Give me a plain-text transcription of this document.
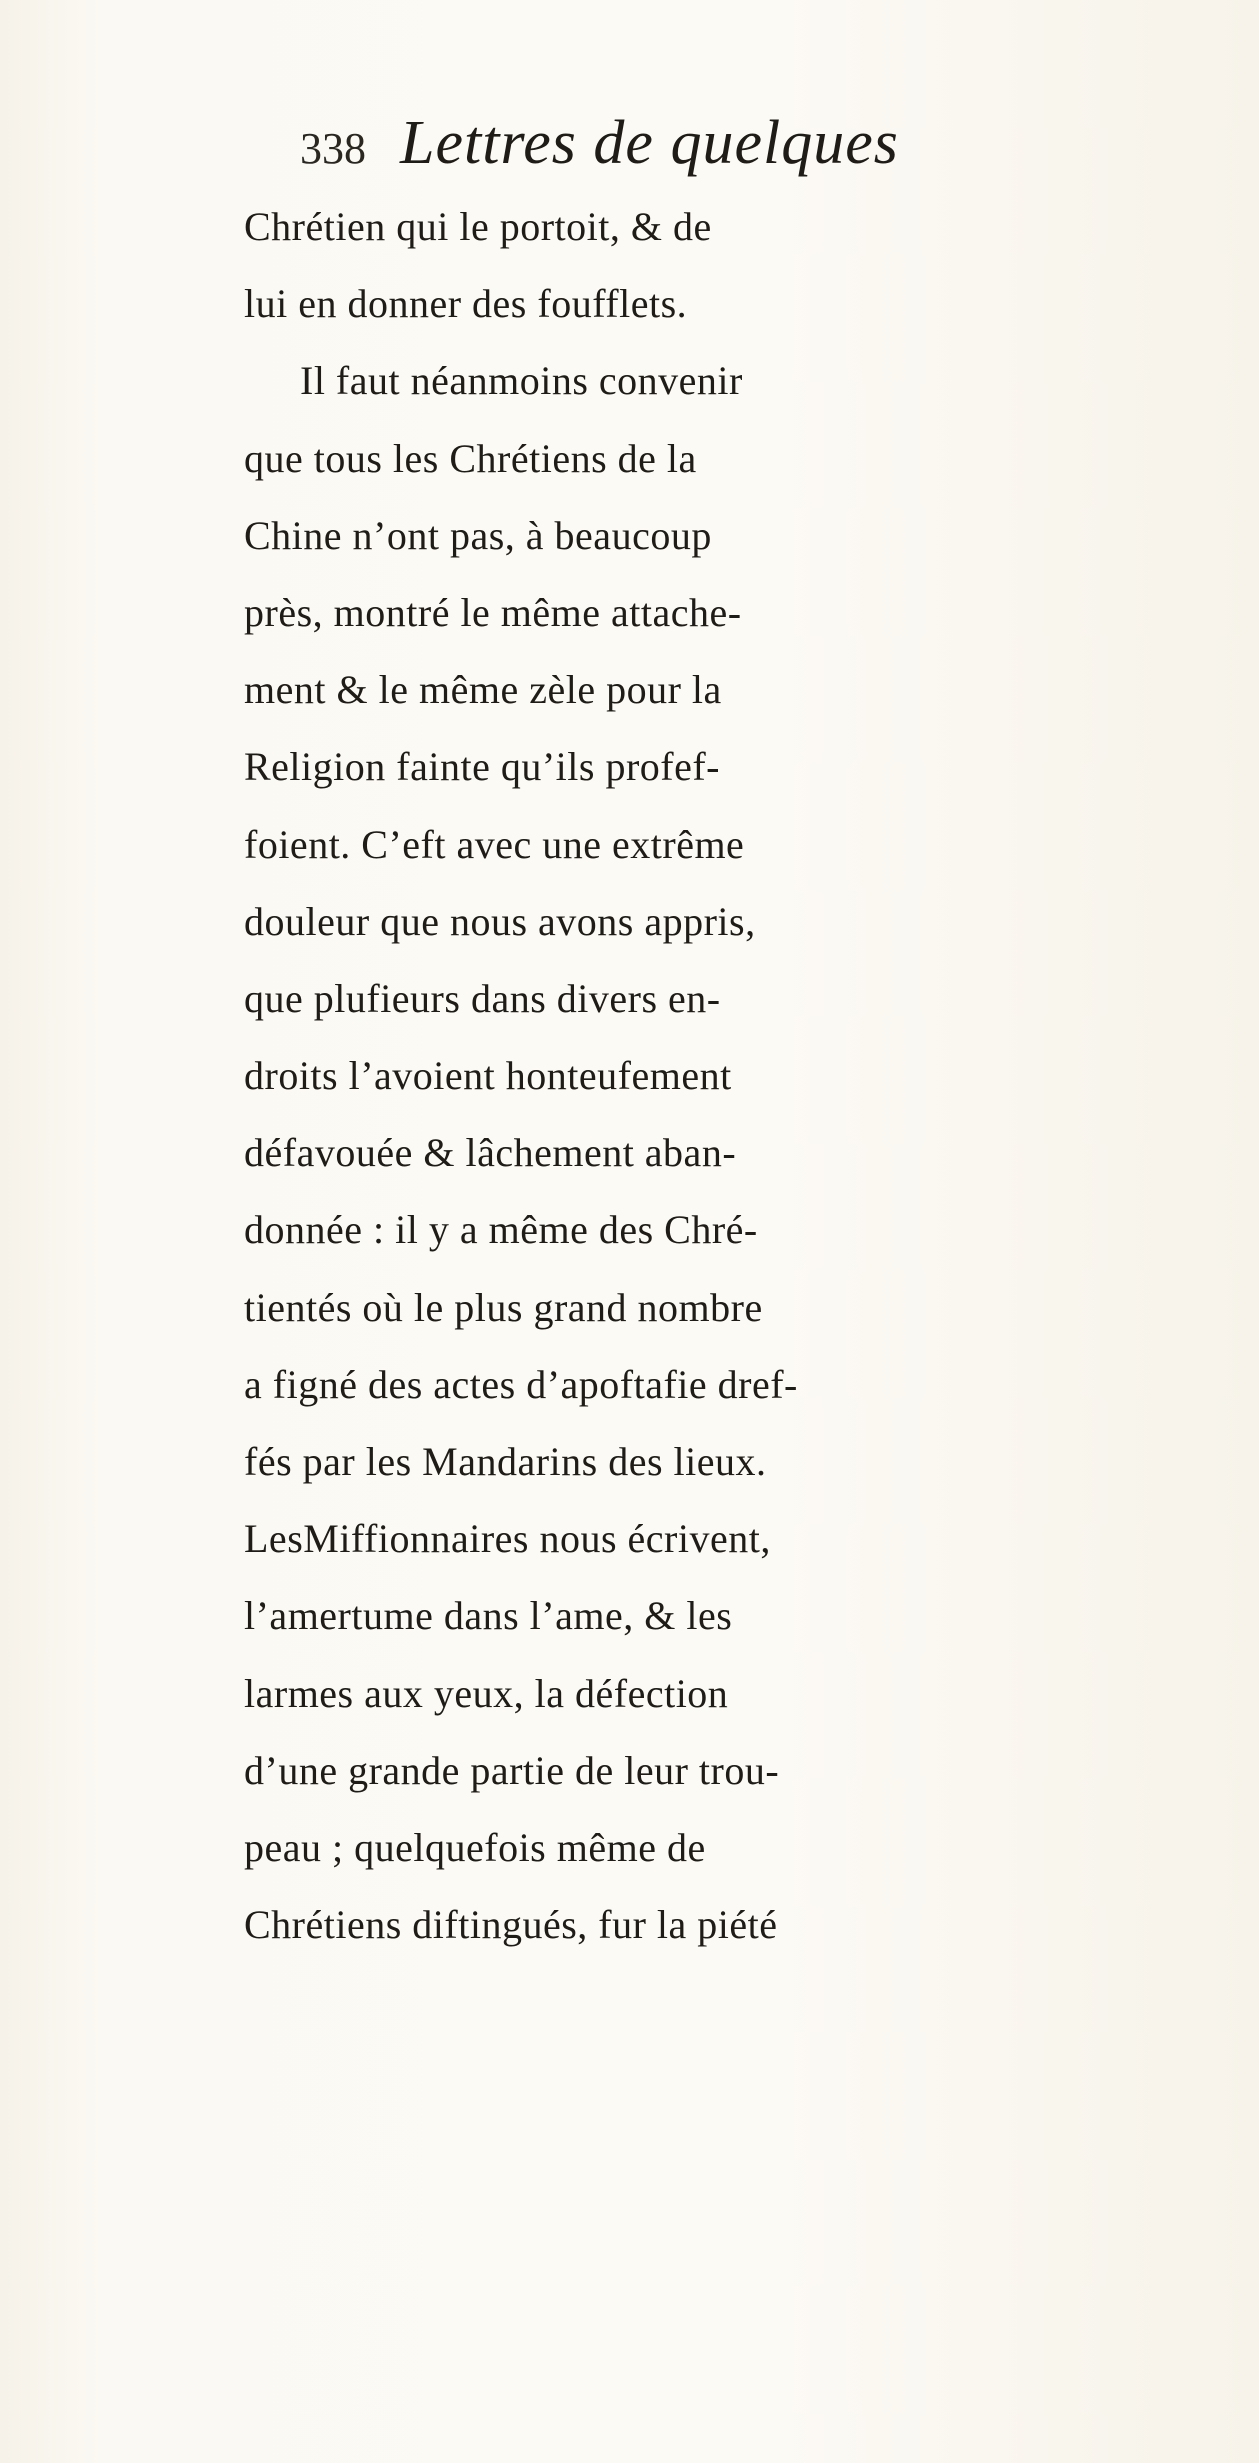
338 Lettres de quelques
Chrétien qui le portoit, & de
lui en donner des foufflets.
Il faut néanmoins convenir
que tous les Chrétiens de la
Chine n’ont pas, à beaucoup
près, montré le même attache-
ment & le même zèle pour la
Religion fainte qu’ils profef-
foient. C’eft avec une extrême
douleur que nous avons appris,
que plufieurs dans divers en-
droits l’avoient honteufement
défavouée & lâchement aban-
donnée : il y a même des Chré-
tientés où le plus grand nombre
a figné des actes d’apoftafie dref-
fés par les Mandarins des lieux.
LesMiffionnaires nous écrivent,
l’amertume dans l’ame, & les
larmes aux yeux, la défection
d’une grande partie de leur trou-
peau ; quelquefois même de
Chrétiens diftingués, fur la piété
